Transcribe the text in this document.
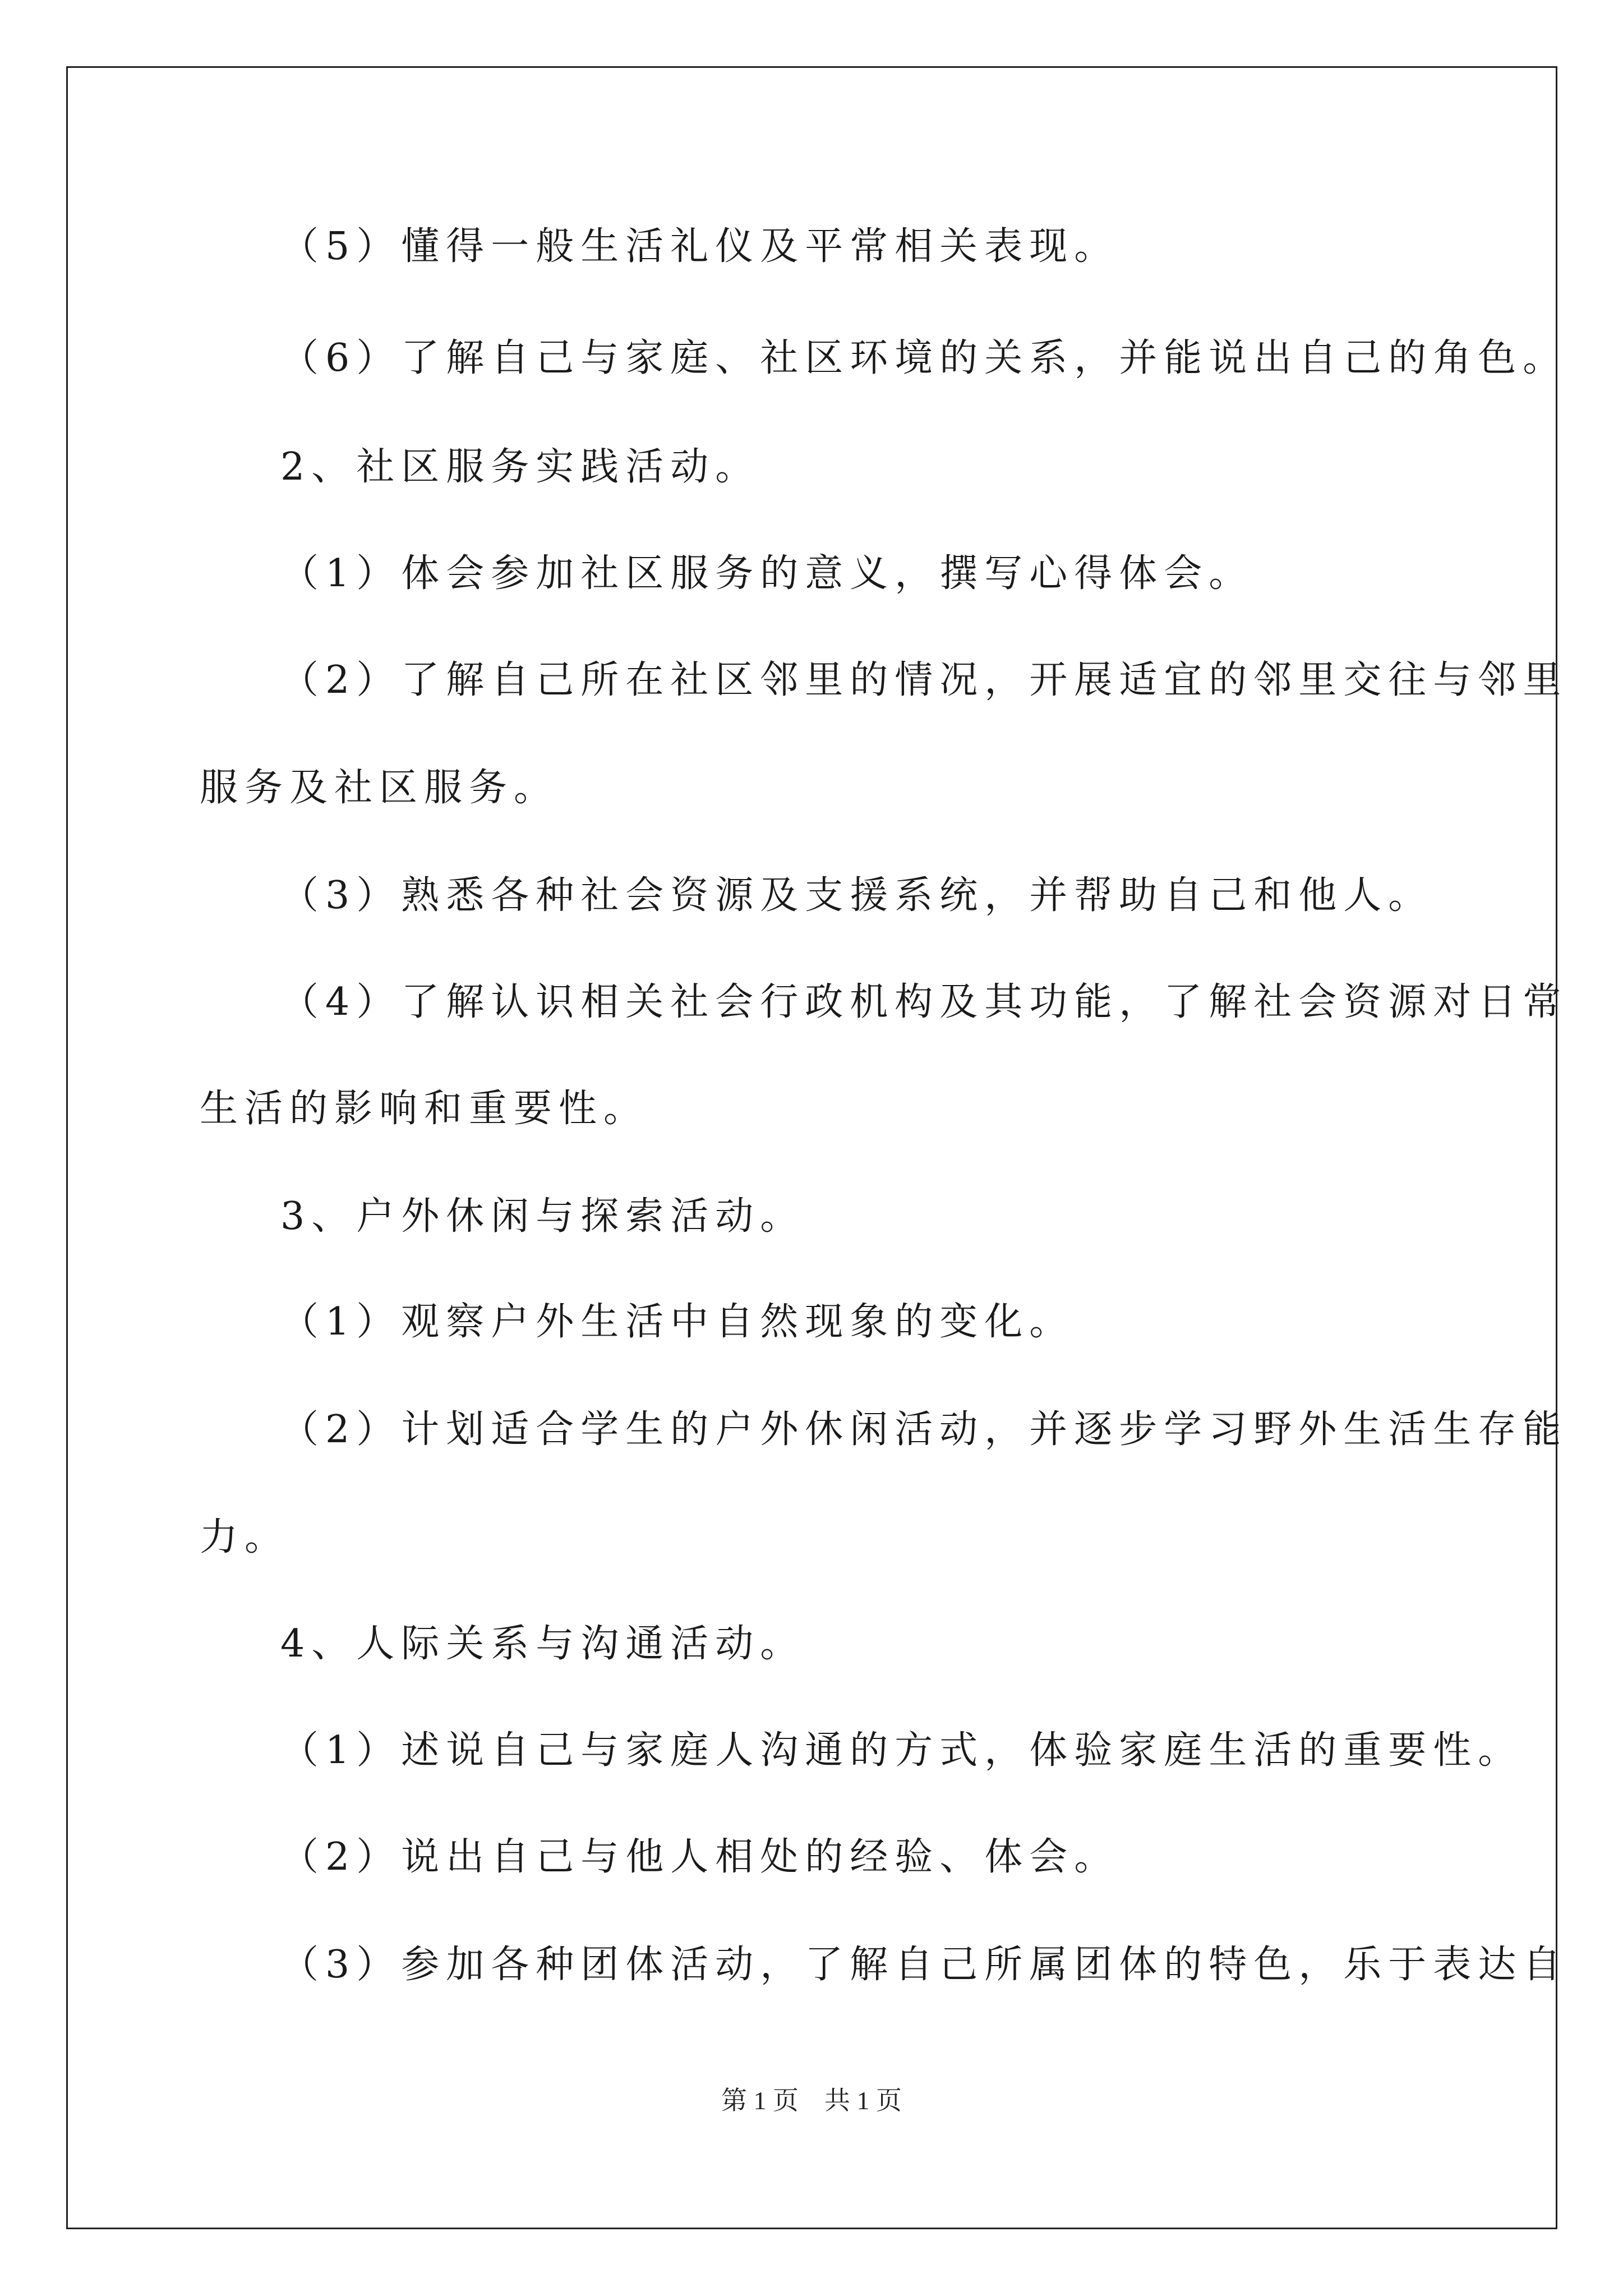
（5）懂得一般生活礼仪及平常相关表现。
（6）了解自己与家庭、社区环境的关系，并能说出自己的角色。
2、社区服务实践活动。
（1）体会参加社区服务的意义，撰写心得体会。
（2）了解自己所在社区邻里的情况，开展适宜的邻里交往与邻里
服务及社区服务。
（3）熟悉各种社会资源及支援系统，并帮助自己和他人。
（4）了解认识相关社会行政机构及其功能，了解社会资源对日常
生活的影响和重要性。
3、户外休闲与探索活动。
（1）观察户外生活中自然现象的变化。
（2）计划适合学生的户外休闲活动，并逐步学习野外生活生存能
力。
4、人际关系与沟通活动。
（1）述说自己与家庭人沟通的方式，体验家庭生活的重要性。
（2）说出自己与他人相处的经验、体会。
（3）参加各种团体活动，了解自己所属团体的特色，乐于表达自
第 1 页　共 1 页
